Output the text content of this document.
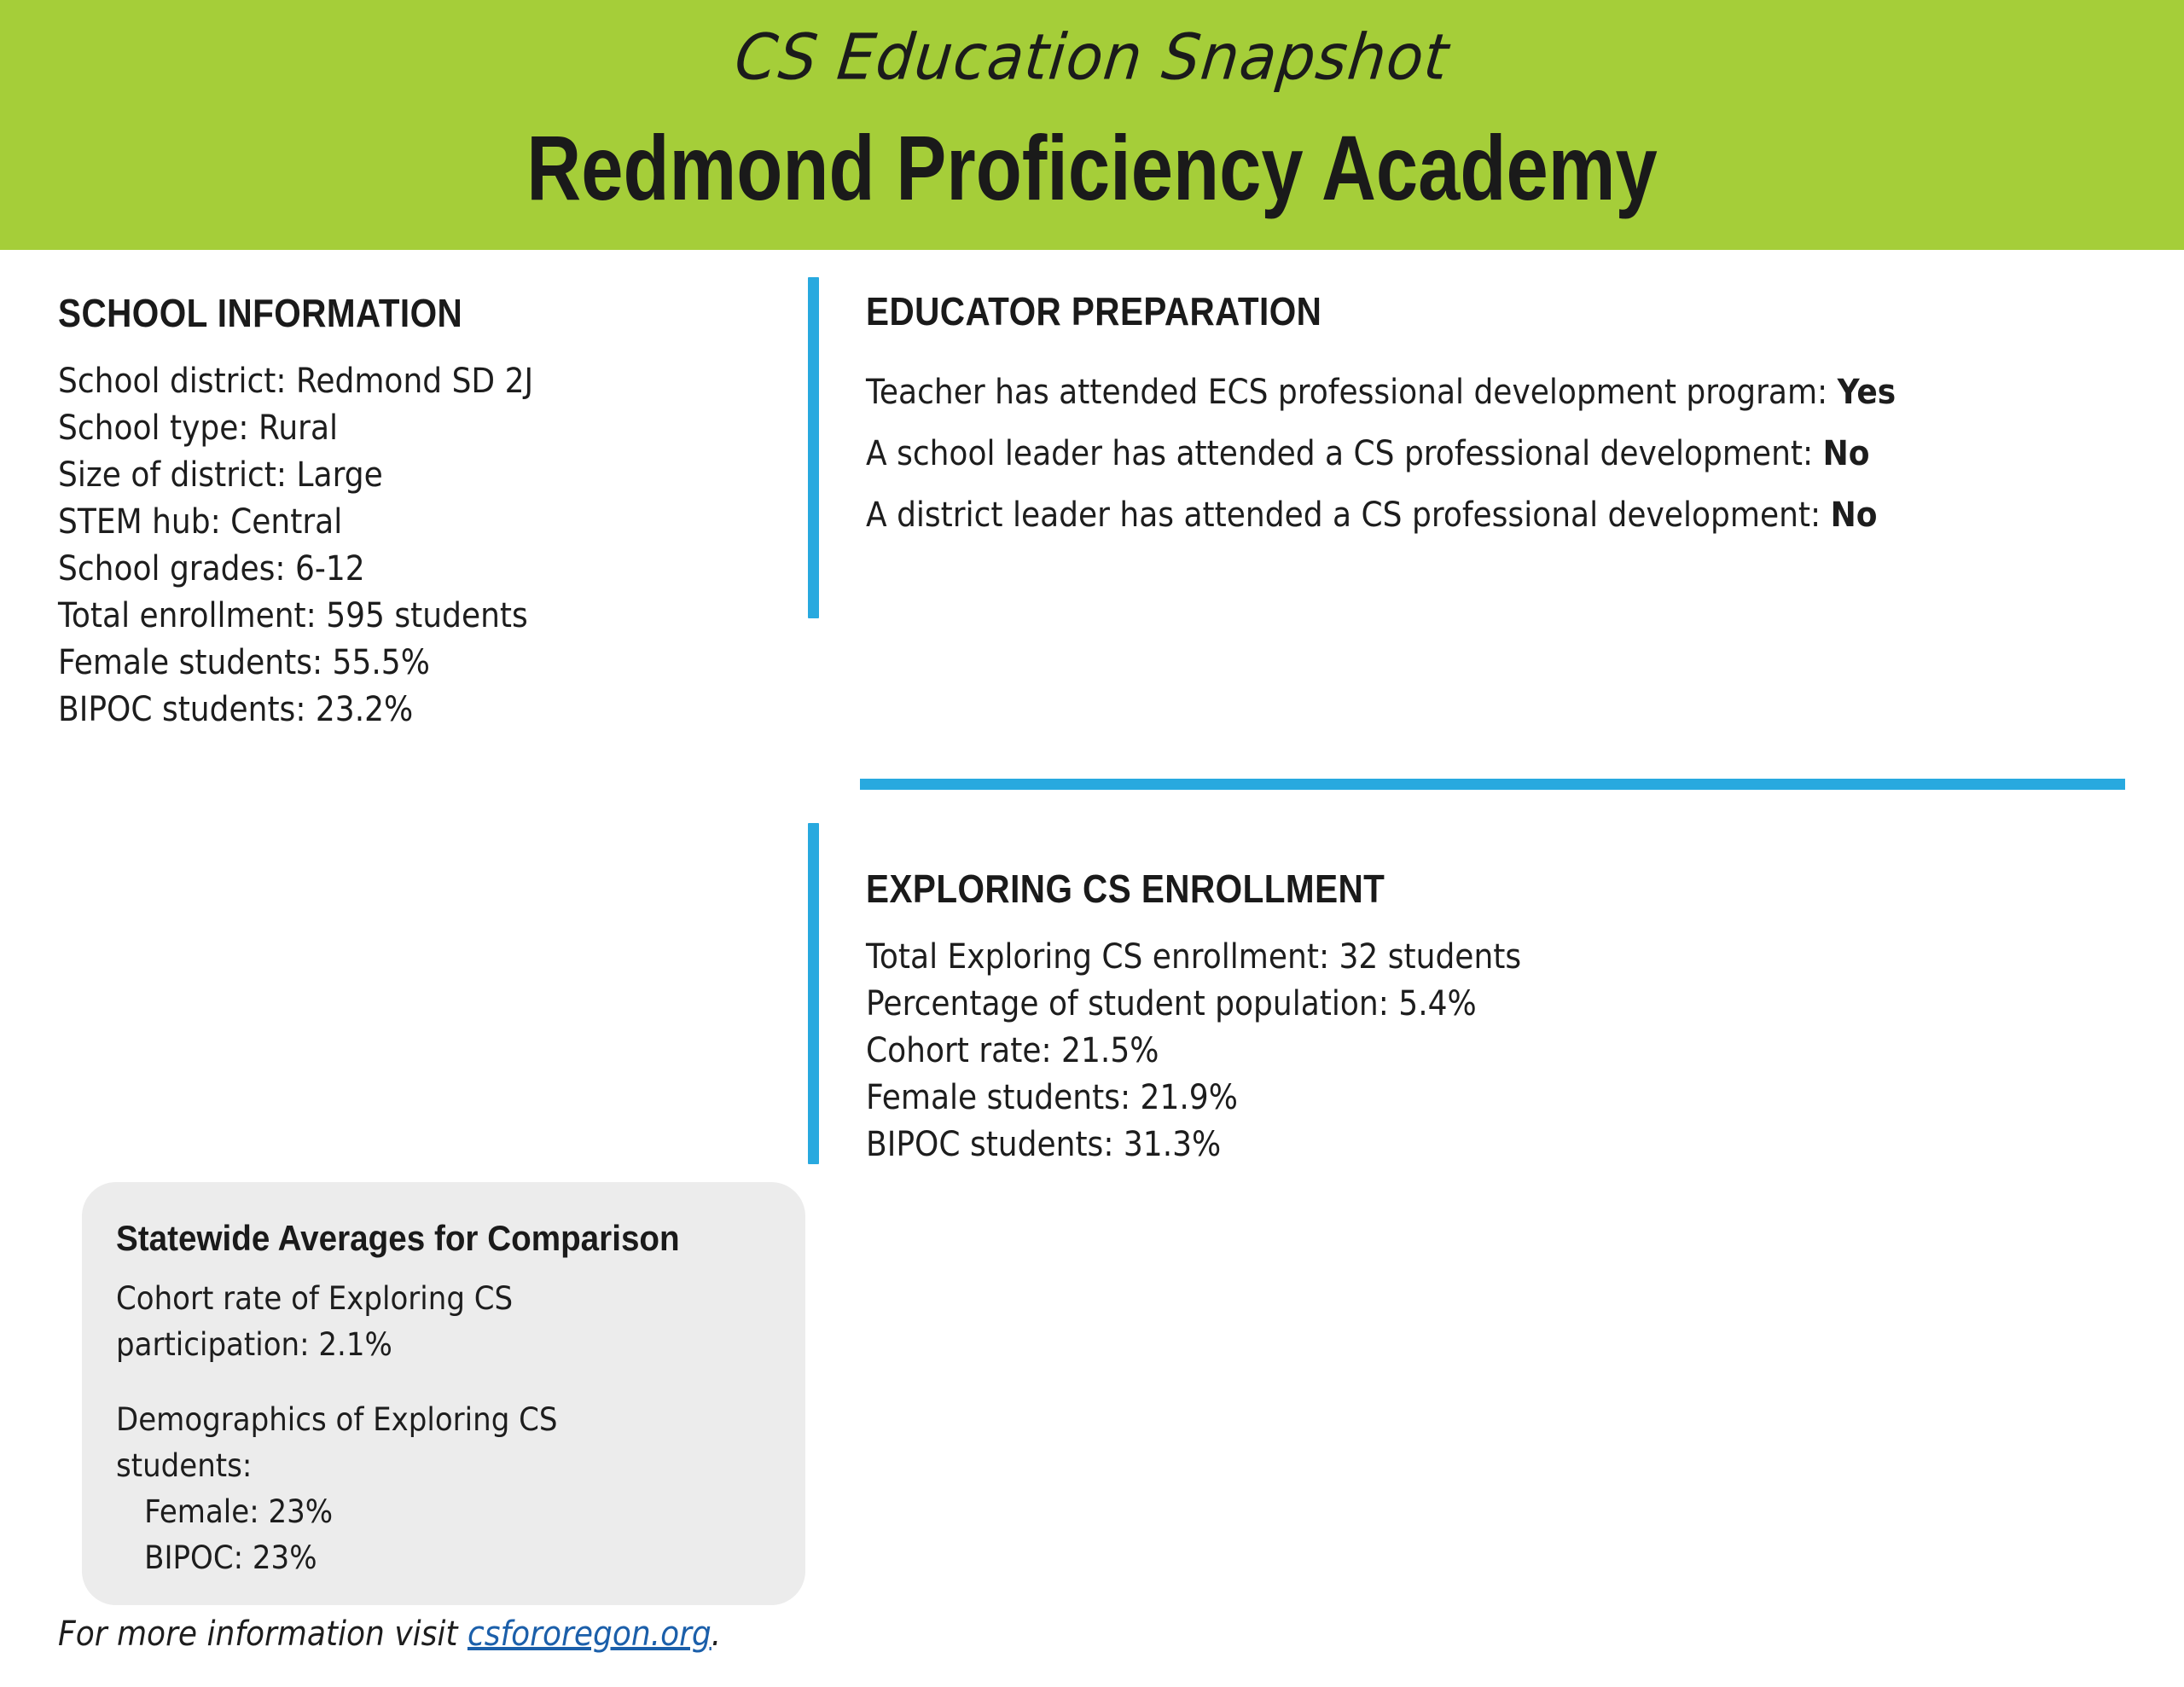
CS Education Snapshot
Redmond Proficiency Academy
SCHOOL INFORMATION
School district: Redmond SD 2J
School type: Rural
Size of district: Large
STEM hub: Central
School grades: 6-12
Total enrollment: 595 students
Female students: 55.5%
BIPOC students: 23.2%
EDUCATOR PREPARATION
Teacher has attended ECS professional development program: Yes
A school leader has attended a CS professional development: No
A district leader has attended a CS professional development: No
EXPLORING CS ENROLLMENT
Total Exploring CS enrollment: 32 students
Percentage of student population: 5.4%
Cohort rate: 21.5%
Female students: 21.9%
BIPOC students: 31.3%
Statewide Averages for Comparison
Cohort rate of Exploring CS
participation: 2.1%
Demographics of Exploring CS
students:
Female: 23%
BIPOC: 23%
For more information visit csfororegon.org.
